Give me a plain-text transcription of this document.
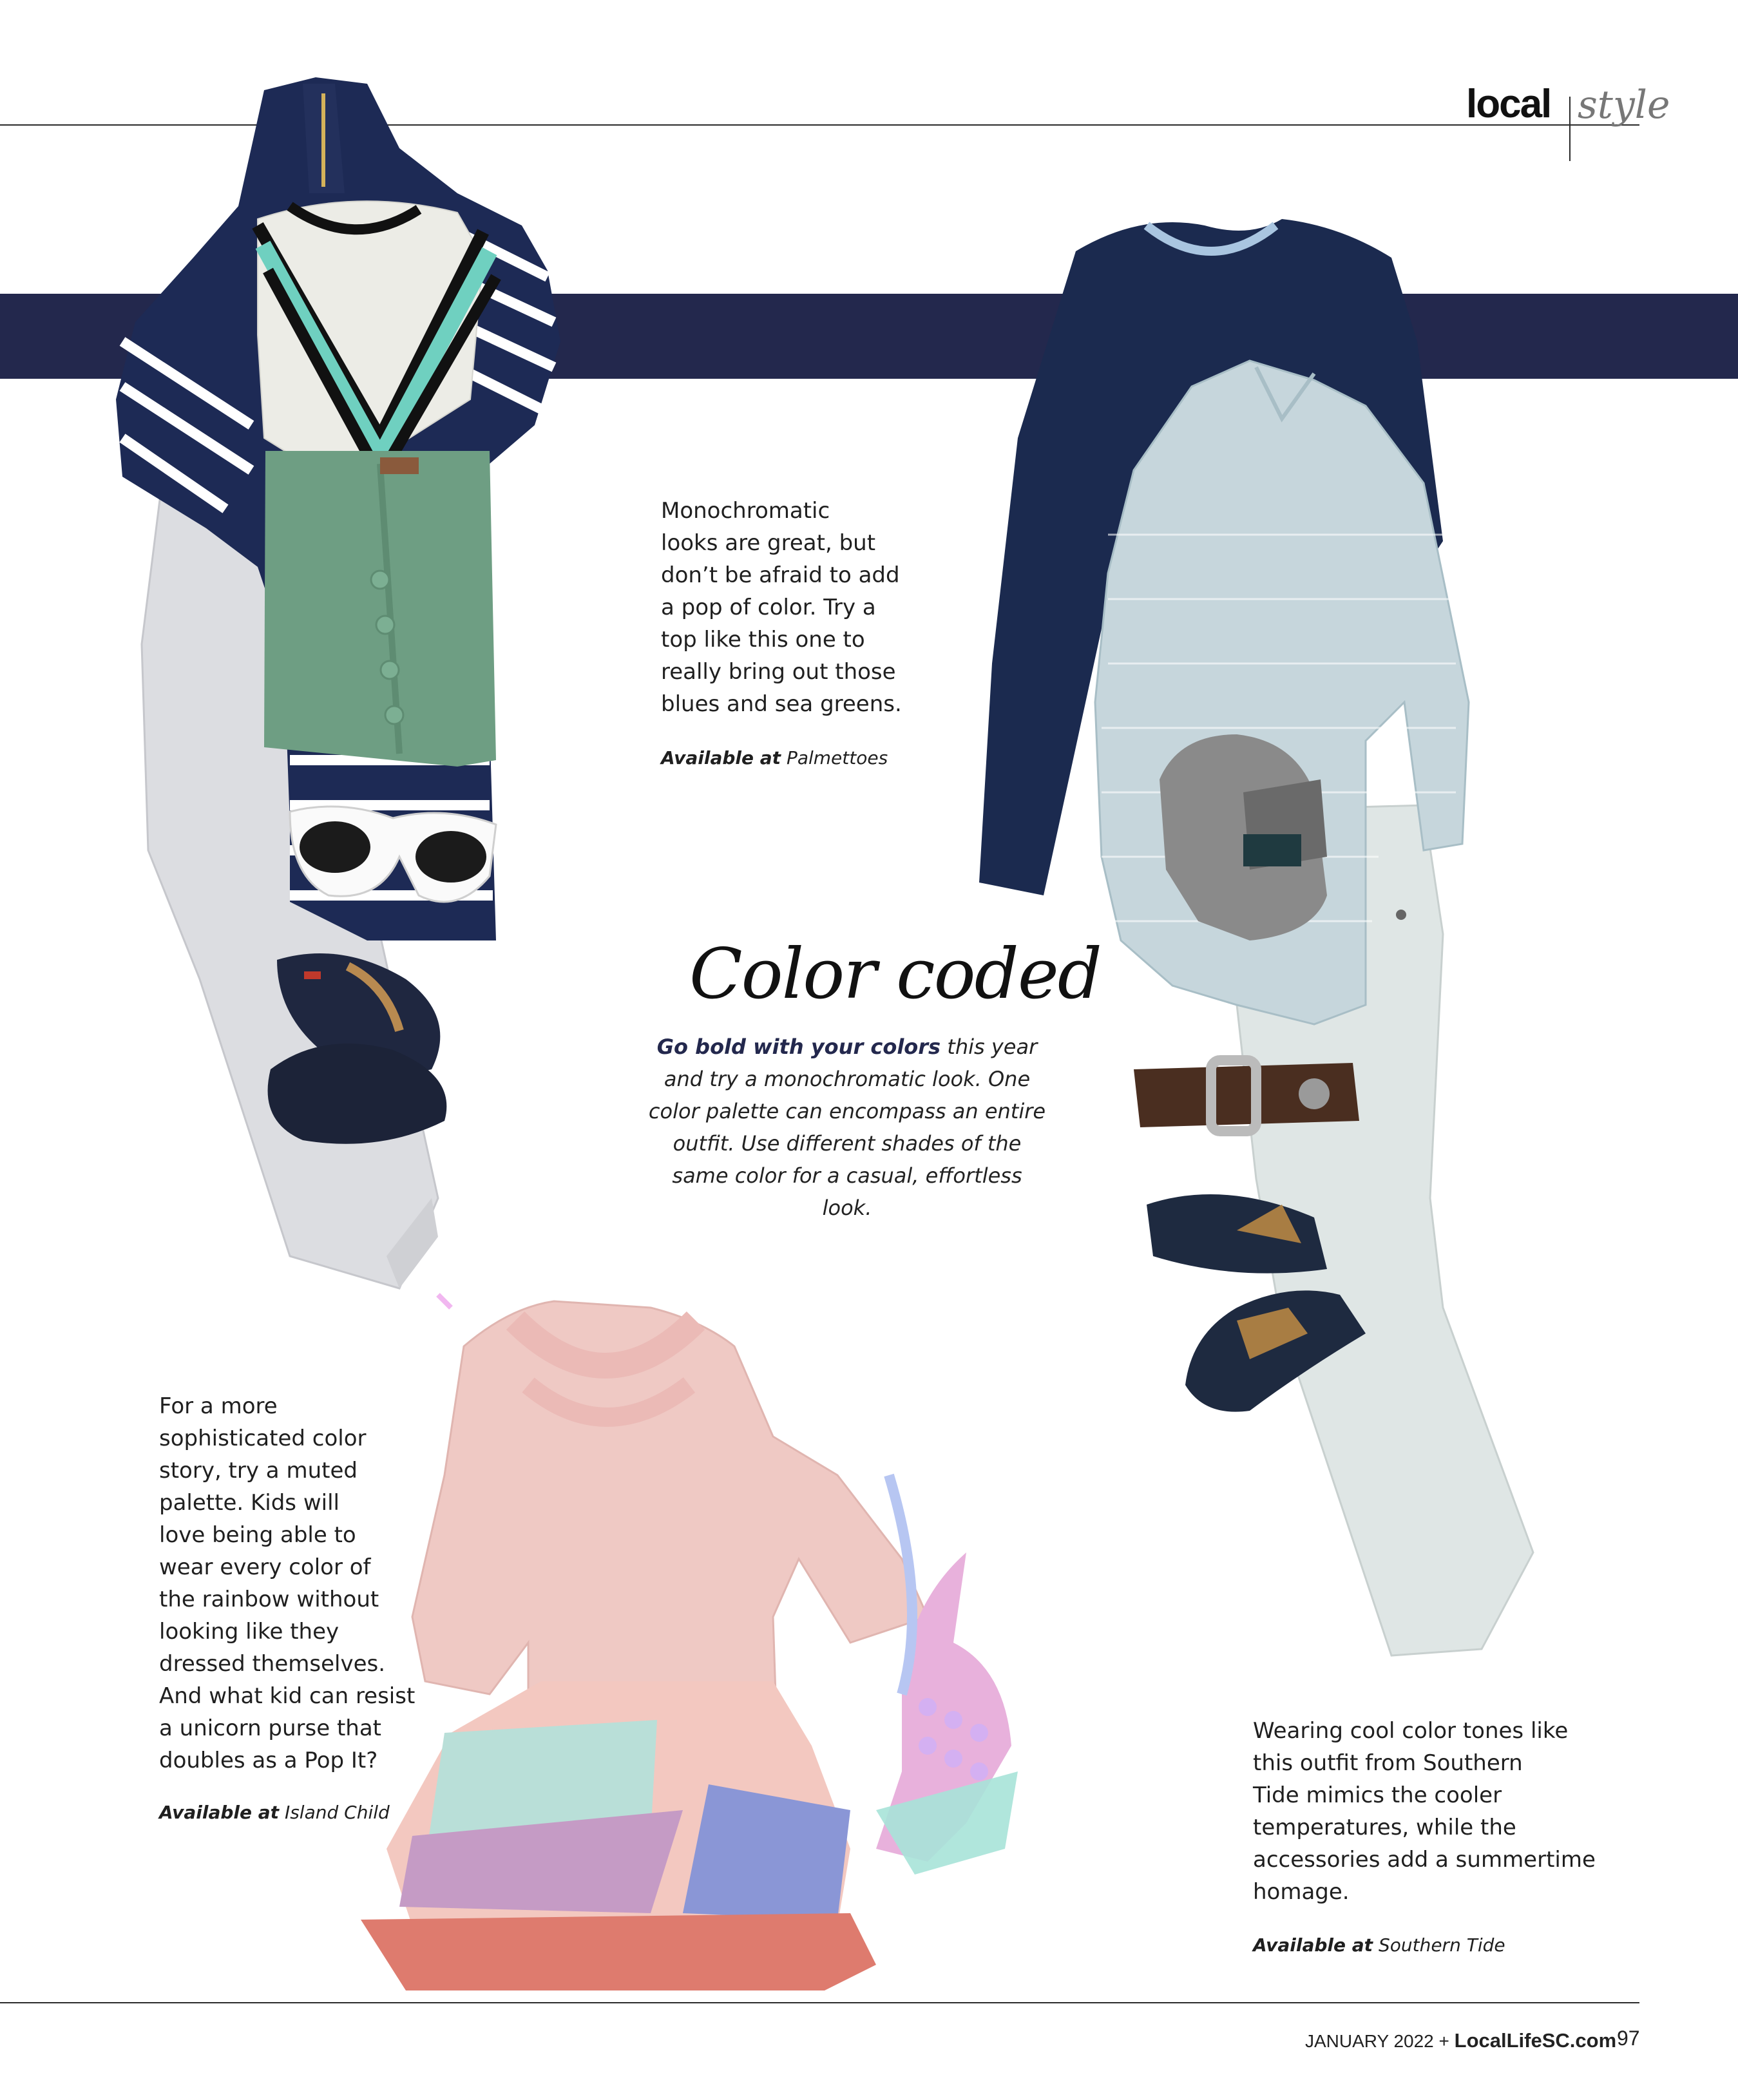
local style
Monochromatic
looks are great, but
don’t be afraid to add
a pop of color. Try a
top like this one to
really bring out those
blues and sea greens.
Available at Palmettoes
Color coded
Go bold with your colors this year and try a monochromatic look. One color palette can encompass an entire outfit. Use different shades of the same color for a casual, effortless look.
For a more
sophisticated color
story, try a muted
palette. Kids will
love being able to
wear every color of
the rainbow without
looking like they
dressed themselves.
And what kid can resist
a unicorn purse that
doubles as a Pop It?
Available at Island Child
Wearing cool color tones like
this outfit from Southern
Tide mimics the cooler
temperatures, while the
accessories add a summertime
homage.
Available at Southern Tide
JANUARY 2022 + LocalLifeSC.com 97
